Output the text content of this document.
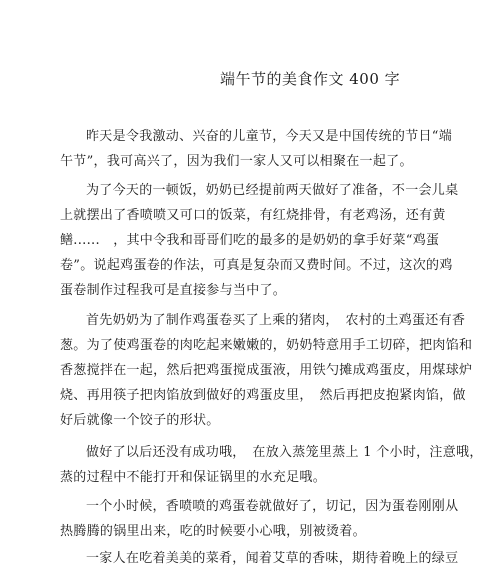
端午节的美食作文 400 字

昨天是令我激动、兴奋的儿童节，今天又是中国传统的节日“端
午节”，我可高兴了，因为我们一家人又可以相聚在一起了。

为了今天的一顿饭，奶奶已经提前两天做好了准备，不一会儿桌
上就摆出了香喷喷又可口的饭菜，有红烧排骨，有老鸡汤，还有黄
鳝......　，其中令我和哥哥们吃的最多的是奶奶的拿手好菜“鸡蛋
卷”。说起鸡蛋卷的作法，可真是复杂而又费时间。不过，这次的鸡
蛋卷制作过程我可是直接参与当中了。

首先奶奶为了制作鸡蛋卷买了上乘的猪肉，　农村的土鸡蛋还有香
葱。为了使鸡蛋卷的肉吃起来嫩嫩的，奶奶特意用手工切碎，把肉馅和
香葱搅拌在一起，然后把鸡蛋搅成蛋液，用铁勺摊成鸡蛋皮，用煤球炉
烧、再用筷子把肉馅放到做好的鸡蛋皮里，　然后再把皮抱紧肉馅，做
好后就像一个饺子的形状。

做好了以后还没有成功哦，　在放入蒸笼里蒸上 1 个小时，注意哦，
蒸的过程中不能打开和保证锅里的水充足哦。

一个小时候，香喷喷的鸡蛋卷就做好了，切记，因为蛋卷刚刚从
热腾腾的锅里出来，吃的时候要小心哦，别被烫着。

一家人在吃着美美的菜肴，闻着艾草的香味，期待着晚上的绿豆
